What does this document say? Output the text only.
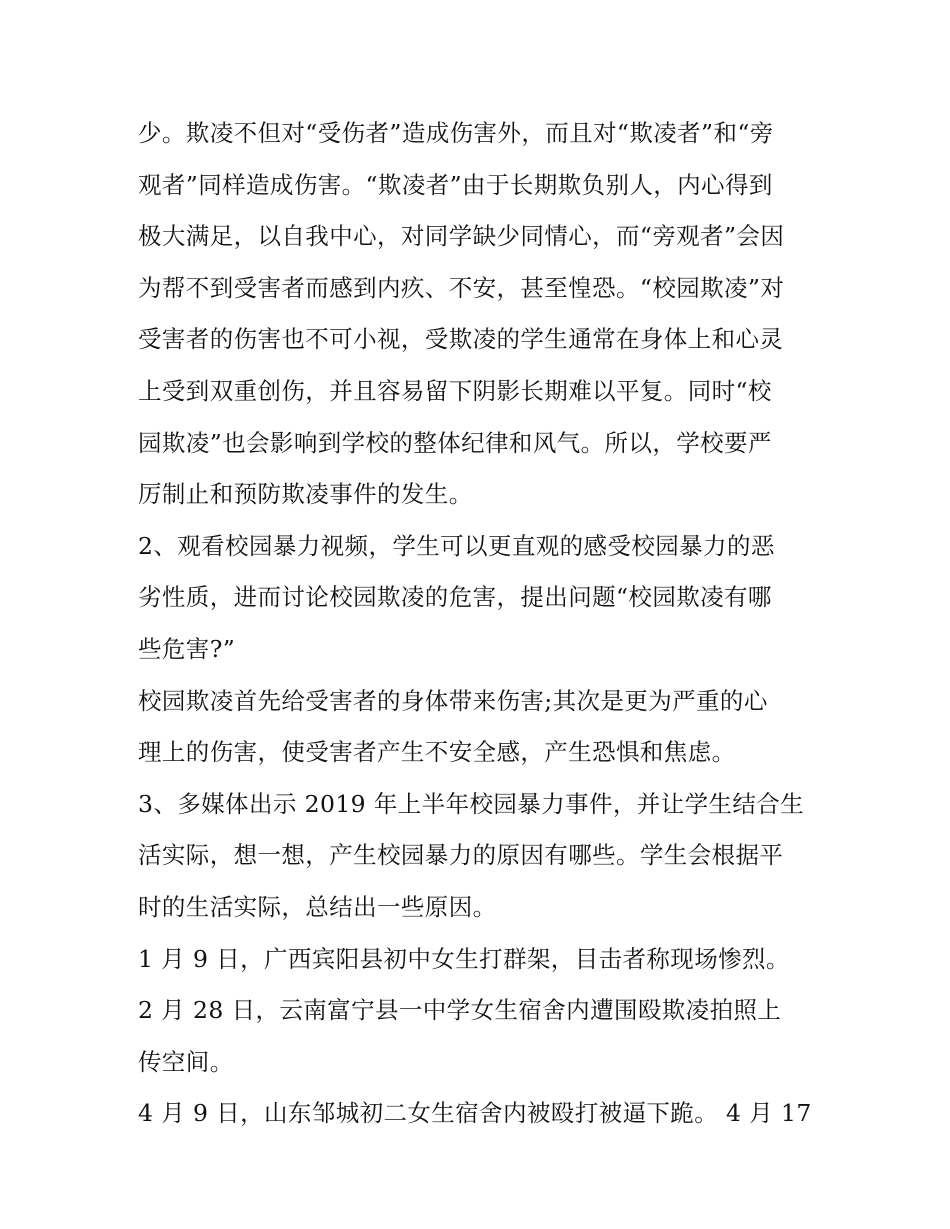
少。欺凌不但对“受伤者”造成伤害外，而且对“欺凌者”和“旁
观者”同样造成伤害。“欺凌者”由于长期欺负别人，内心得到
极大满足，以自我中心，对同学缺少同情心，而“旁观者”会因
为帮不到受害者而感到内疚、不安，甚至惶恐。“校园欺凌”对
受害者的伤害也不可小视，受欺凌的学生通常在身体上和心灵
上受到双重创伤，并且容易留下阴影长期难以平复。同时“校
园欺凌”也会影响到学校的整体纪律和风气。所以，学校要严
厉制止和预防欺凌事件的发生。
2、观看校园暴力视频，学生可以更直观的感受校园暴力的恶
劣性质，进而讨论校园欺凌的危害，提出问题“校园欺凌有哪
些危害?”
校园欺凌首先给受害者的身体带来伤害;其次是更为严重的心
理上的伤害，使受害者产生不安全感，产生恐惧和焦虑。
3、多媒体出示 2019 年上半年校园暴力事件，并让学生结合生
活实际，想一想，产生校园暴力的原因有哪些。学生会根据平
时的生活实际，总结出一些原因。
1 月 9 日，广西宾阳县初中女生打群架，目击者称现场惨烈。
2 月 28 日，云南富宁县一中学女生宿舍内遭围殴欺凌拍照上
传空间。
4 月 9 日，山东邹城初二女生宿舍内被殴打被逼下跪。 4 月 17
